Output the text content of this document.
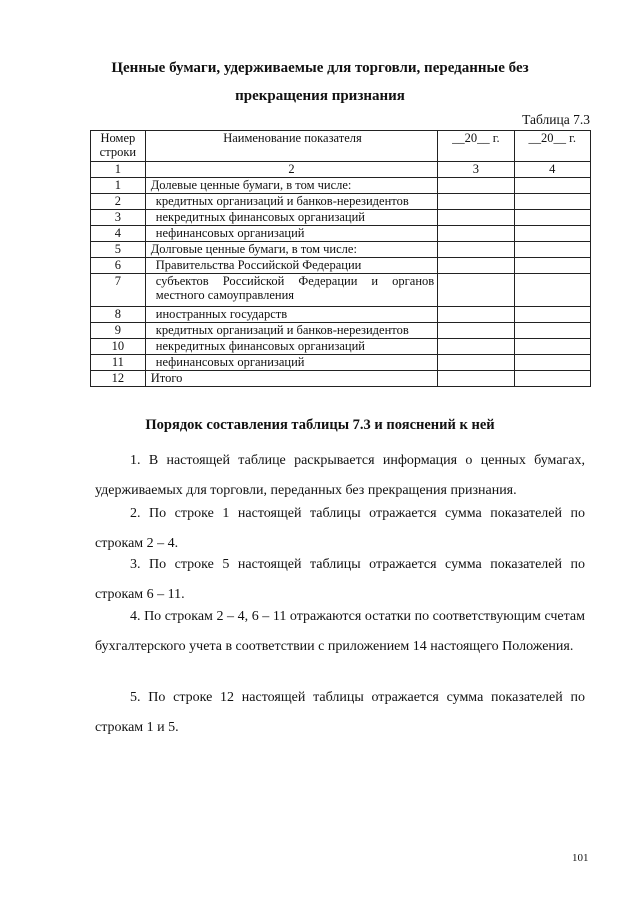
Ценные бумаги, удерживаемые для торговли, переданные без
прекращения признания
Таблица 7.3
Номер строки	Наименование показателя	__20__ г.	__20__ г.
1	2	3	4
1	Долевые ценные бумаги, в том числе:		
2	кредитных организаций и банков-нерезидентов		
3	некредитных финансовых организаций		
4	нефинансовых организаций		
5	Долговые ценные бумаги, в том числе:		
6	Правительства Российской Федерации		
7	субъектов Российской Федерации и органов местного самоуправления		
8	иностранных государств		
9	кредитных организаций и банков-нерезидентов		
10	некредитных финансовых организаций		
11	нефинансовых организаций		
12	Итого		
Порядок составления таблицы 7.3 и пояснений к ней

1. В настоящей таблице раскрывается информация о ценных бумагах, удерживаемых для торговли, переданных без прекращения признания.

2. По строке 1 настоящей таблицы отражается сумма показателей по строкам 2 – 4.

3. По строке 5 настоящей таблицы отражается сумма показателей по строкам 6 – 11.

4. По строкам 2 – 4, 6 – 11 отражаются остатки по соответствующим счетам бухгалтерского учета в соответствии с приложением 14 настоящего Положения.

5. По строке 12 настоящей таблицы отражается сумма показателей по строкам 1 и 5.

101
